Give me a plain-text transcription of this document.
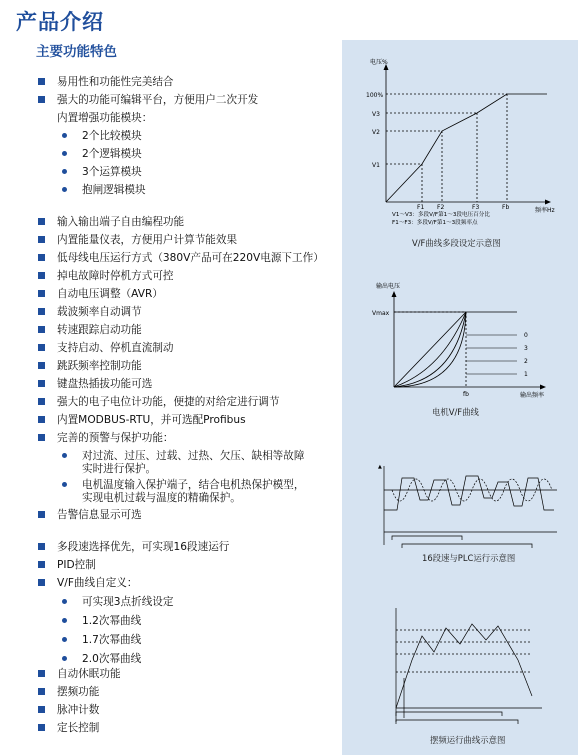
产品介绍
主要功能特色
易用性和功能性完美结合
强大的功能可编辑平台，方便用户二次开发
内置增强功能模块：
2个比较模块
2个逻辑模块
3个运算模块
抱闸逻辑模块
输入输出端子自由编程功能
内置能量仪表，方便用户计算节能效果
低母线电压运行方式（380V产品可在220V电源下工作）
掉电故障时停机方式可控
自动电压调整（AVR）
载波频率自动调节
转速跟踪启动功能
支持启动、停机直流制动
跳跃频率控制功能
键盘热插拔功能可选
强大的电子电位计功能，便捷的对给定进行调节
内置MODBUS-RTU，并可选配Profibus
完善的预警与保护功能：
对过流、过压、过载、过热、欠压、缺相等故障
实时进行保护。
电机温度输入保护端子，结合电机热保护模型，
实现电机过载与温度的精确保护。
告警信息显示可选
多段速选择优先，可实现16段速运行
PID控制
V/F曲线自定义：
可实现3点折线设定
1.2次幂曲线
1.7次幂曲线
2.0次幂曲线
自动休眠功能
摆频功能
脉冲计数
定长控制
电压%
频率Hz
100%
V3
V2
V1
F1 F2	F3	Fb
V1～V3：多段V/F第1～3段电压百分比
F1～F3：多段V/F第1～3段频率点
V/F曲线多段设定示意图
输出电压
输出频率
Vmax
fb
0
3
2
1
电机V/F曲线
▲
16段速与PLC运行示意图
摆频运行曲线示意图
